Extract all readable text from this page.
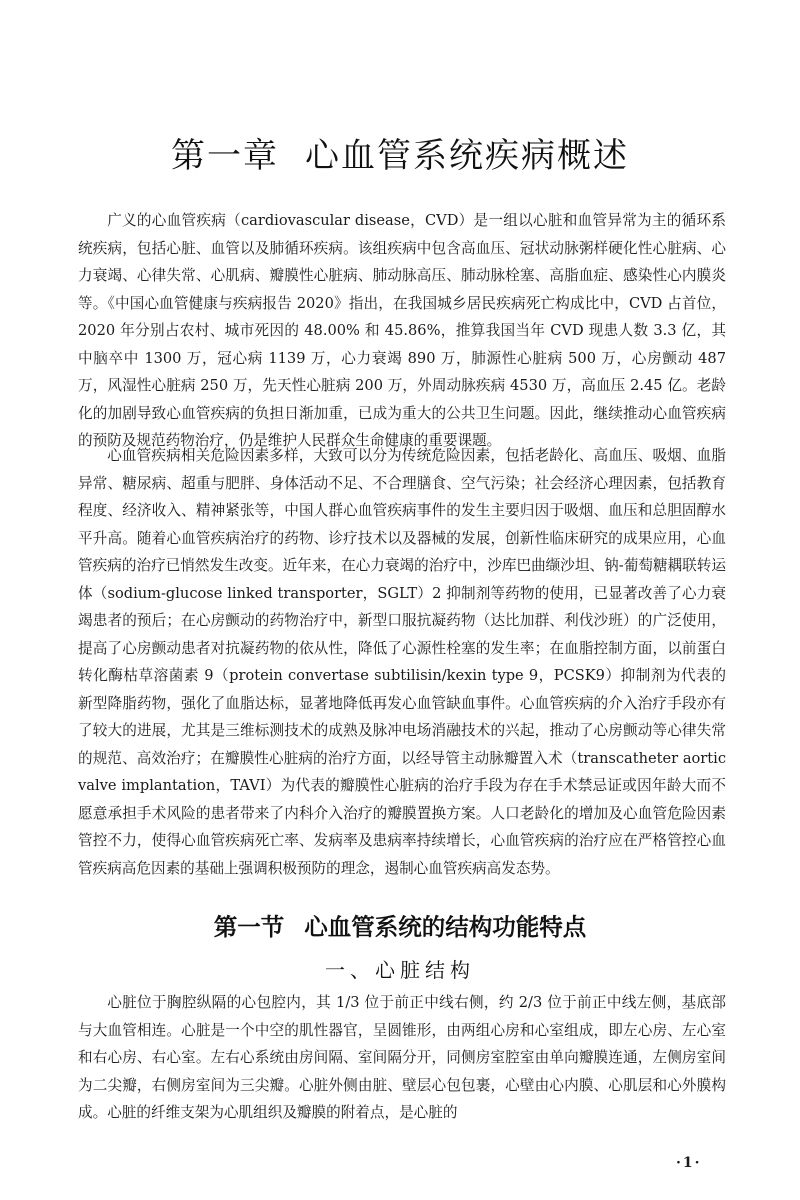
第一章 心血管系统疾病概述

广义的心血管疾病（cardiovascular disease，CVD）是一组以心脏和血管异常为主的循环系统疾病，包括心脏、血管以及肺循环疾病。该组疾病中包含高血压、冠状动脉粥样硬化性心脏病、心力衰竭、心律失常、心肌病、瓣膜性心脏病、肺动脉高压、肺动脉栓塞、高脂血症、感染性心内膜炎等。《中国心血管健康与疾病报告 2020》指出，在我国城乡居民疾病死亡构成比中，CVD 占首位，2020 年分别占农村、城市死因的 48.00% 和 45.86%，推算我国当年 CVD 现患人数 3.3 亿，其中脑卒中 1300 万，冠心病 1139 万，心力衰竭 890 万，肺源性心脏病 500 万，心房颤动 487 万，风湿性心脏病 250 万，先天性心脏病 200 万，外周动脉疾病 4530 万，高血压 2.45 亿。老龄化的加剧导致心血管疾病的负担日渐加重，已成为重大的公共卫生问题。因此，继续推动心血管疾病的预防及规范药物治疗，仍是维护人民群众生命健康的重要课题。

心血管疾病相关危险因素多样，大致可以分为传统危险因素，包括老龄化、高血压、吸烟、血脂异常、糖尿病、超重与肥胖、身体活动不足、不合理膳食、空气污染；社会经济心理因素，包括教育程度、经济收入、精神紧张等，中国人群心血管疾病事件的发生主要归因于吸烟、血压和总胆固醇水平升高。随着心血管疾病治疗的药物、诊疗技术以及器械的发展，创新性临床研究的成果应用，心血管疾病的治疗已悄然发生改变。近年来，在心力衰竭的治疗中，沙库巴曲缬沙坦、钠-葡萄糖耦联转运体（sodium-glucose linked transporter，SGLT）2 抑制剂等药物的使用，已显著改善了心力衰竭患者的预后；在心房颤动的药物治疗中，新型口服抗凝药物（达比加群、利伐沙班）的广泛使用，提高了心房颤动患者对抗凝药物的依从性，降低了心源性栓塞的发生率；在血脂控制方面，以前蛋白转化酶枯草溶菌素 9（protein convertase subtilisin/kexin type 9，PCSK9）抑制剂为代表的新型降脂药物，强化了血脂达标，显著地降低再发心血管缺血事件。心血管疾病的介入治疗手段亦有了较大的进展，尤其是三维标测技术的成熟及脉冲电场消融技术的兴起，推动了心房颤动等心律失常的规范、高效治疗；在瓣膜性心脏病的治疗方面，以经导管主动脉瓣置入术（transcatheter aortic valve implantation，TAVI）为代表的瓣膜性心脏病的治疗手段为存在手术禁忌证或因年龄大而不愿意承担手术风险的患者带来了内科介入治疗的瓣膜置换方案。人口老龄化的增加及心血管危险因素管控不力，使得心血管疾病死亡率、发病率及患病率持续增长，心血管疾病的治疗应在严格管控心血管疾病高危因素的基础上强调积极预防的理念，遏制心血管疾病高发态势。

第一节 心血管系统的结构功能特点
一、心脏结构

心脏位于胸腔纵隔的心包腔内，其 1/3 位于前正中线右侧，约 2/3 位于前正中线左侧，基底部与大血管相连。心脏是一个中空的肌性器官，呈圆锥形，由两组心房和心室组成，即左心房、左心室和右心房、右心室。左右心系统由房间隔、室间隔分开，同侧房室腔室由单向瓣膜连通，左侧房室间为二尖瓣，右侧房室间为三尖瓣。心脏外侧由脏、壁层心包包裹，心壁由心内膜、心肌层和心外膜构成。心脏的纤维支架为心肌组织及瓣膜的附着点，是心脏的

·1·
